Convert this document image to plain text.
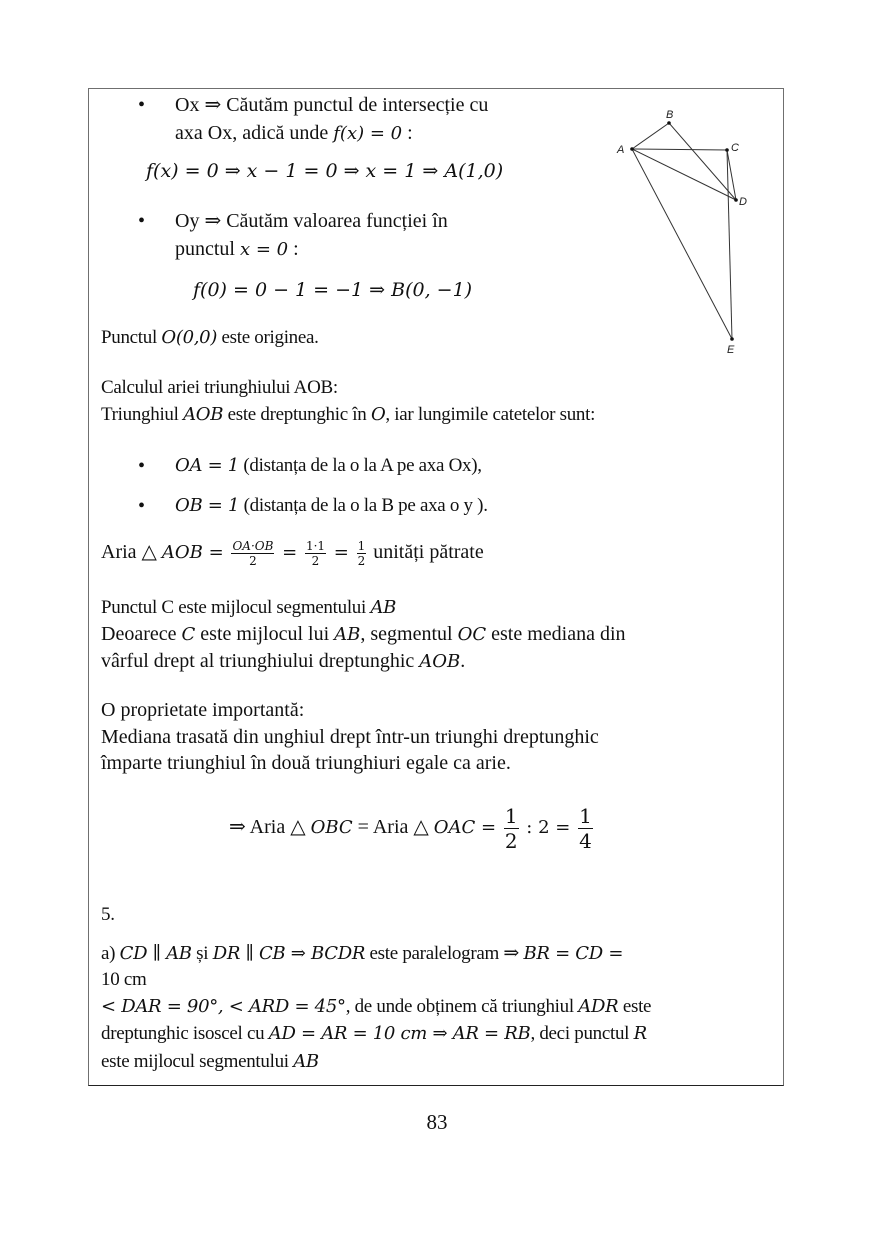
• Ox ⇒ Căutăm punctul de intersecție cu
axa Ox, adică unde f(x) = 0 :
f(x) = 0 ⇒ x − 1 = 0 ⇒ x = 1 ⇒ A(1,0)
• Oy ⇒ Căutăm valoarea funcției în
punctul x = 0 :
f(0) = 0 − 1 = −1 ⇒ B(0, −1)
Punctul O(0,0) este originea.
A
B
C
D
E
Calculul ariei triunghiului AOB:
Triunghiul AOB este dreptunghic în O, iar lungimile catetelor sunt:
• OA = 1 (distanța de la o la A pe axa Ox),
• OB = 1 (distanța de la o la B pe axa o y ).
Aria △ AOB = $\frac{OA\cdot OB}{2} = \frac{1\cdot 1}{2} = \frac{1}{2}$ unități pătrate
Punctul C este mijlocul segmentului AB
Deoarece C este mijlocul lui AB, segmentul OC este mediana din
vârful drept al triunghiului dreptunghic AOB.
O proprietate importantă:
Mediana trasată din unghiul drept într-un triunghi dreptunghic
împarte triunghiul în două triunghiuri egale ca arie.
⇒ Aria △ OBC = Aria △ OAC = $\frac{1}{2}$ : $2 = \frac{1}{4}$
5.
a) CD ∥ AB și DR ∥ CB ⇒ BCDR este paralelogram ⇒ BR = CD =
10 cm
< DAR = 90°, < ARD = 45°, de unde obținem că triunghiul ADR este
dreptunghic isoscel cu AD = AR = 10 cm ⇒ AR = RB, deci punctul R
este mijlocul segmentului AB
83
